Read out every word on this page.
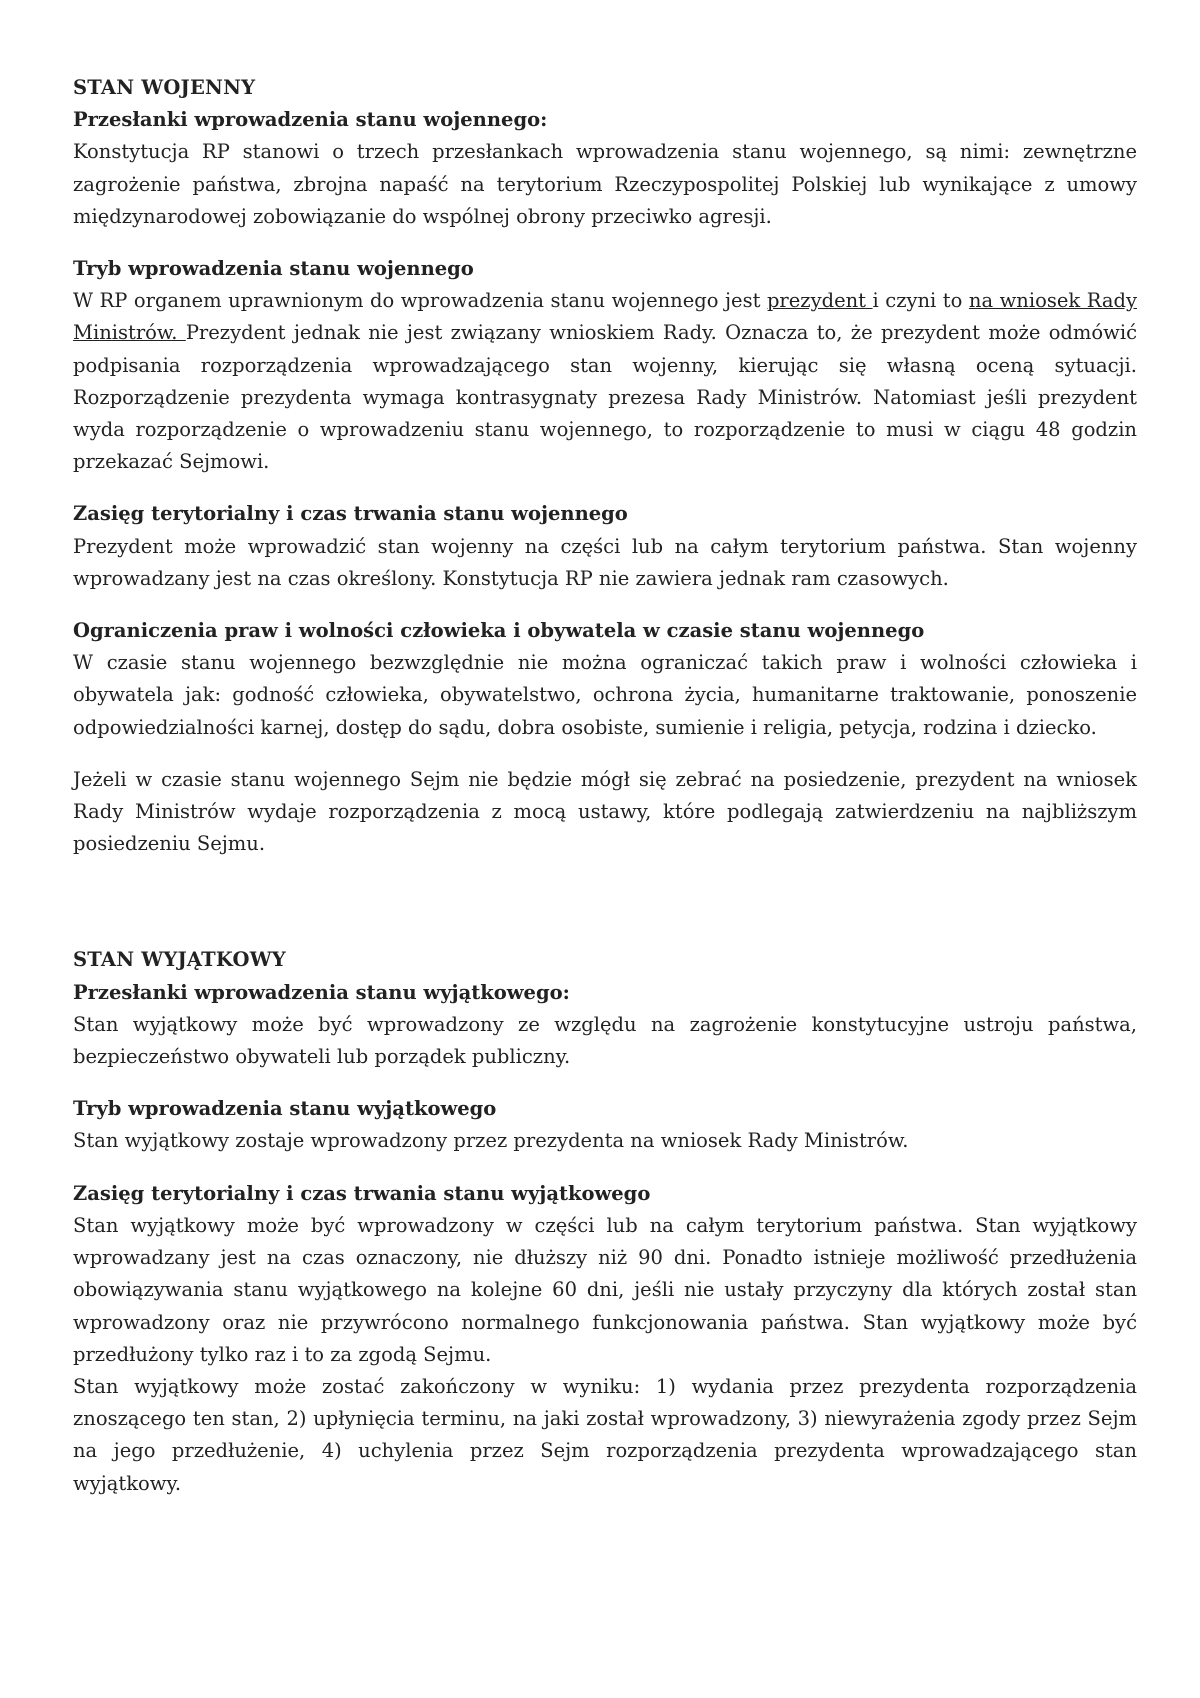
STAN WOJENNY

Przesłanki wprowadzenia stanu wojennego:

Konstytucja RP stanowi o trzech przesłankach wprowadzenia stanu wojennego, są nimi: zewnętrzne zagrożenie państwa, zbrojna napaść na terytorium Rzeczypospolitej Polskiej lub wynikające z umowy międzynarodowej zobowiązanie do wspólnej obrony przeciwko agresji.

Tryb wprowadzenia stanu wojennego

W RP organem uprawnionym do wprowadzenia stanu wojennego jest prezydent i czyni to na wniosek Rady Ministrów. Prezydent jednak nie jest związany wnioskiem Rady. Oznacza to, że prezydent może odmówić podpisania rozporządzenia wprowadzającego stan wojenny, kierując się własną oceną sytuacji. Rozporządzenie prezydenta wymaga kontrasygnaty prezesa Rady Ministrów. Natomiast jeśli prezydent wyda rozporządzenie o wprowadzeniu stanu wojennego, to rozporządzenie to musi w ciągu 48 godzin przekazać Sejmowi.

Zasięg terytorialny i czas trwania stanu wojennego

Prezydent może wprowadzić stan wojenny na części lub na całym terytorium państwa. Stan wojenny wprowadzany jest na czas określony. Konstytucja RP nie zawiera jednak ram czasowych.

Ograniczenia praw i wolności człowieka i obywatela w czasie stanu wojennego

W czasie stanu wojennego bezwzględnie nie można ograniczać takich praw i wolności człowieka i obywatela jak: godność człowieka, obywatelstwo, ochrona życia, humanitarne traktowanie, ponoszenie odpowiedzialności karnej, dostęp do sądu, dobra osobiste, sumienie i religia, petycja, rodzina i dziecko.

Jeżeli w czasie stanu wojennego Sejm nie będzie mógł się zebrać na posiedzenie, prezydent na wniosek Rady Ministrów wydaje rozporządzenia z mocą ustawy, które podlegają zatwierdzeniu na najbliższym posiedzeniu Sejmu.

STAN WYJĄTKOWY

Przesłanki wprowadzenia stanu wyjątkowego:

Stan wyjątkowy może być wprowadzony ze względu na zagrożenie konstytucyjne ustroju państwa, bezpieczeństwo obywateli lub porządek publiczny.

Tryb wprowadzenia stanu wyjątkowego

Stan wyjątkowy zostaje wprowadzony przez prezydenta na wniosek Rady Ministrów.

Zasięg terytorialny i czas trwania stanu wyjątkowego

Stan wyjątkowy może być wprowadzony w części lub na całym terytorium państwa. Stan wyjątkowy wprowadzany jest na czas oznaczony, nie dłuższy niż 90 dni. Ponadto istnieje możliwość przedłużenia obowiązywania stanu wyjątkowego na kolejne 60 dni, jeśli nie ustały przyczyny dla których został stan wprowadzony oraz nie przywrócono normalnego funkcjonowania państwa. Stan wyjątkowy może być przedłużony tylko raz i to za zgodą Sejmu.

Stan wyjątkowy może zostać zakończony w wyniku: 1) wydania przez prezydenta rozporządzenia znoszącego ten stan, 2) upłynięcia terminu, na jaki został wprowadzony, 3) niewyrażenia zgody przez Sejm na jego przedłużenie, 4) uchylenia przez Sejm rozporządzenia prezydenta wprowadzającego stan wyjątkowy.
